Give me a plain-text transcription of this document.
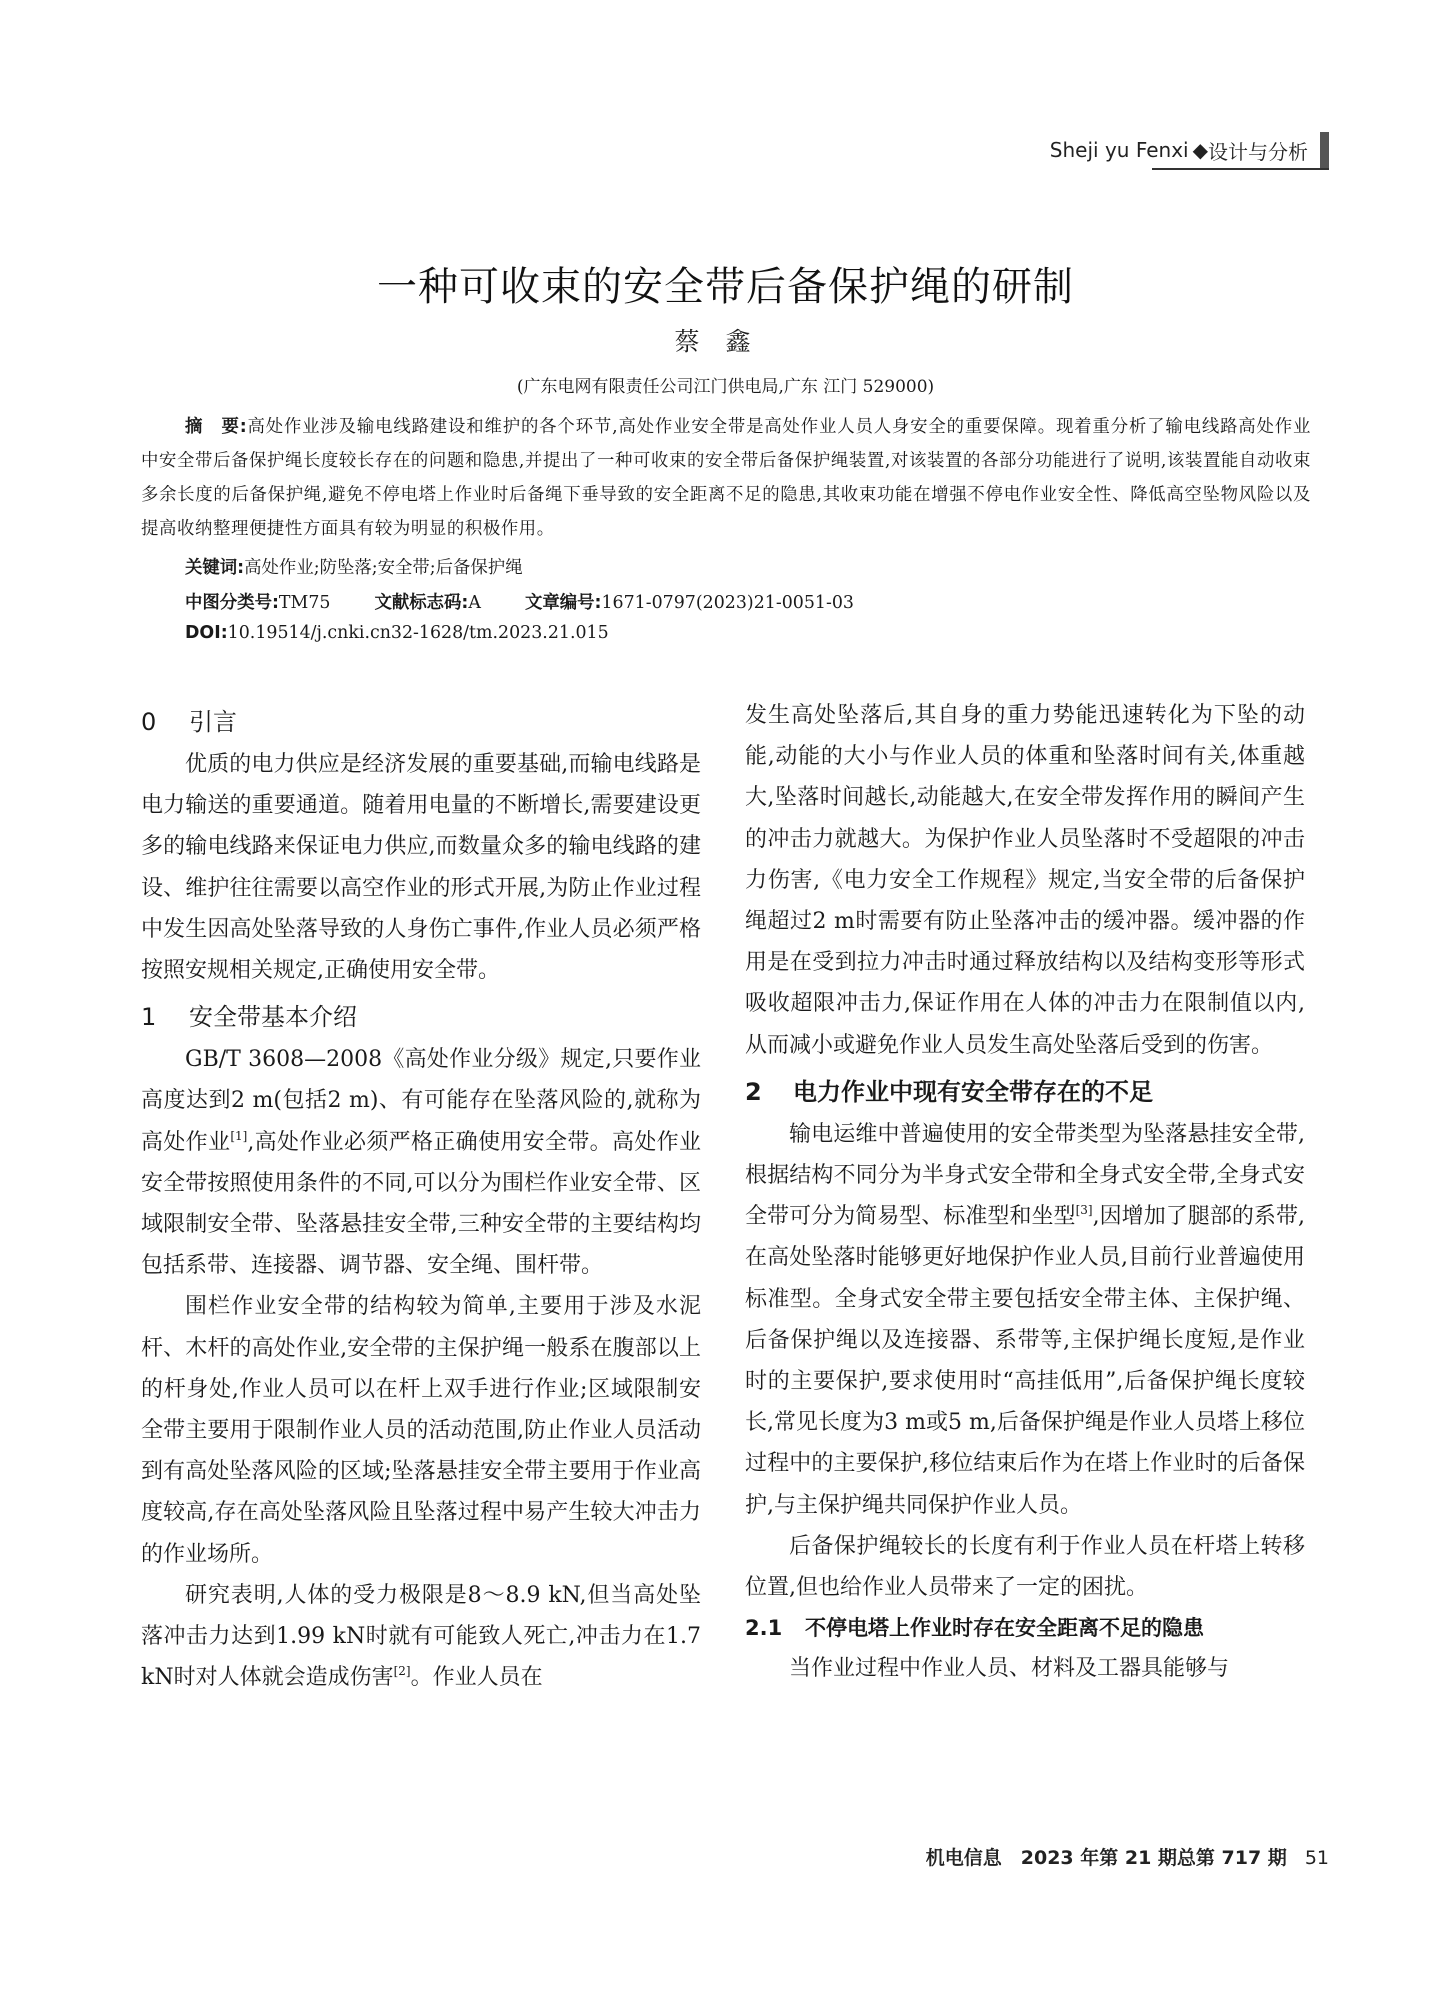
Sheji yu Fenxi ◆ 设计与分析
一种可收束的安全带后备保护绳的研制
蔡鑫
(广东电网有限责任公司江门供电局,广东 江门 529000)
摘　要:高处作业涉及输电线路建设和维护的各个环节,高处作业安全带是高处作业人员人身安全的重要保障。现着重分析了输电线路高处作业中安全带后备保护绳长度较长存在的问题和隐患,并提出了一种可收束的安全带后备保护绳装置,对该装置的各部分功能进行了说明,该装置能自动收束多余长度的后备保护绳,避免不停电塔上作业时后备绳下垂导致的安全距离不足的隐患,其收束功能在增强不停电作业安全性、降低高空坠物风险以及提高收纳整理便捷性方面具有较为明显的积极作用。
关键词:高处作业;防坠落;安全带;后备保护绳
中图分类号:TM75	文献标志码:A	文章编号:1671-0797(2023)21-0051-03
DOI:10.19514/j.cnki.cn32-1628/tm.2023.21.015
0 引言

优质的电力供应是经济发展的重要基础,而输电线路是电力输送的重要通道。随着用电量的不断增长,需要建设更多的输电线路来保证电力供应,而数量众多的输电线路的建设、维护往往需要以高空作业的形式开展,为防止作业过程中发生因高处坠落导致的人身伤亡事件,作业人员必须严格按照安规相关规定,正确使用安全带。

1 安全带基本介绍

GB/T 3608—2008《高处作业分级》规定,只要作业高度达到2 m(包括2 m)、有可能存在坠落风险的,就称为高处作业[1],高处作业必须严格正确使用安全带。高处作业安全带按照使用条件的不同,可以分为围栏作业安全带、区域限制安全带、坠落悬挂安全带,三种安全带的主要结构均包括系带、连接器、调节器、安全绳、围杆带。

围栏作业安全带的结构较为简单,主要用于涉及水泥杆、木杆的高处作业,安全带的主保护绳一般系在腹部以上的杆身处,作业人员可以在杆上双手进行作业;区域限制安全带主要用于限制作业人员的活动范围,防止作业人员活动到有高处坠落风险的区域;坠落悬挂安全带主要用于作业高度较高,存在高处坠落风险且坠落过程中易产生较大冲击力的作业场所。

研究表明,人体的受力极限是8～8.9 kN,但当高处坠落冲击力达到1.99 kN时就有可能致人死亡,冲击力在1.7 kN时对人体就会造成伤害[2]。作业人员在

发生高处坠落后,其自身的重力势能迅速转化为下坠的动能,动能的大小与作业人员的体重和坠落时间有关,体重越大,坠落时间越长,动能越大,在安全带发挥作用的瞬间产生的冲击力就越大。为保护作业人员坠落时不受超限的冲击力伤害,《电力安全工作规程》规定,当安全带的后备保护绳超过2 m时需要有防止坠落冲击的缓冲器。缓冲器的作用是在受到拉力冲击时通过释放结构以及结构变形等形式吸收超限冲击力,保证作用在人体的冲击力在限制值以内,从而减小或避免作业人员发生高处坠落后受到的伤害。

2 电力作业中现有安全带存在的不足

输电运维中普遍使用的安全带类型为坠落悬挂安全带,根据结构不同分为半身式安全带和全身式安全带,全身式安全带可分为简易型、标准型和坐型[3],因增加了腿部的系带,在高处坠落时能够更好地保护作业人员,目前行业普遍使用标准型。全身式安全带主要包括安全带主体、主保护绳、后备保护绳以及连接器、系带等,主保护绳长度短,是作业时的主要保护,要求使用时“高挂低用”,后备保护绳长度较长,常见长度为3 m或5 m,后备保护绳是作业人员塔上移位过程中的主要保护,移位结束后作为在塔上作业时的后备保护,与主保护绳共同保护作业人员。

后备保护绳较长的长度有利于作业人员在杆塔上转移位置,但也给作业人员带来了一定的困扰。

2.1 不停电塔上作业时存在安全距离不足的隐患

当作业过程中作业人员、材料及工器具能够与

机电信息　2023 年第 21 期总第 717 期 51
